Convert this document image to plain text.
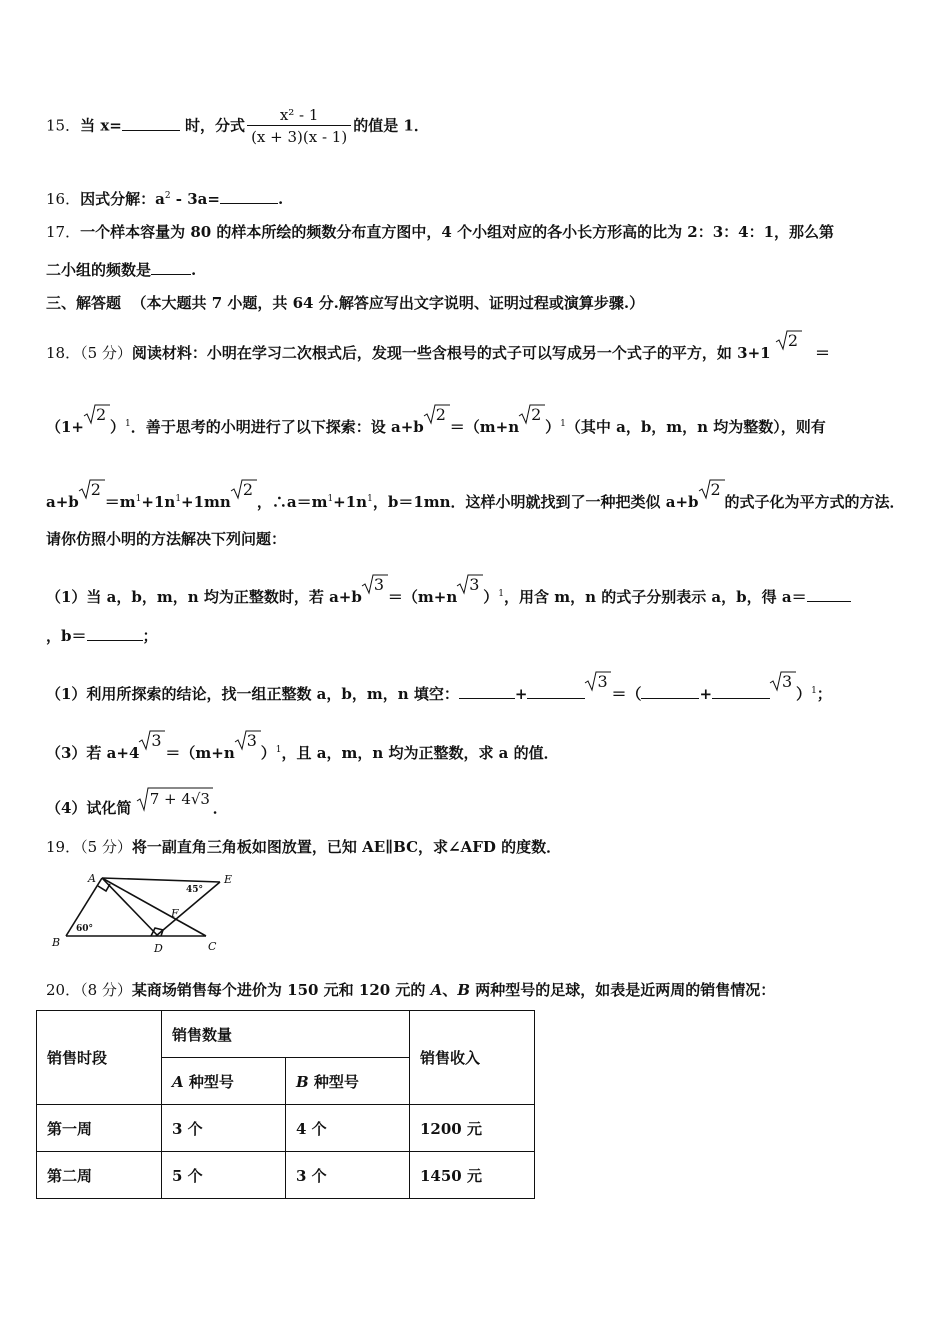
15．当 x=	时，分式 $\frac{\text{x² - 1}}{(x + 3)(x - 1)}$ 的值是 1．
16．因式分解：$a^2 - 3a=$	.
17．一个样本容量为 80 的样本所绘的频数分布直方图中，4 个小组对应的各小长方形高的比为 2：3：4：1，那么第
二小组的频数是	.
三、解答题 （本大题共 7 小题，共 64 分.解答应写出文字说明、证明过程或演算步骤.）
18．（5 分）阅读材料：小明在学习二次根式后，发现一些含根号的式子可以写成另一个式子的平方，如 3+1
2
＝
（1+
2
）$^1$．善于思考的小明进行了以下探索：设 a+b
2
＝（m+n
2
）$^1$（其中 a，b，m，n 均为整数），则有
a+b
2
$=m^1+1n^1+1mn$
2
，$\therefore a=m^1+1n^1$，b＝1mn．这样小明就找到了一种把类似 a+b
2
的式子化为平方式的方法．
请你仿照小明的方法解决下列问题：
（1）当 a，b，m，n 均为正整数时，若 a+b
3
＝（m+n
3
）$^1$，用含 m，n 的式子分别表示 a，b，得 a＝
，b＝	；
（1）利用所探索的结论，找一组正整数 a，b，m，n 填空：	+
3
＝（	+
3
）$^1$；
（3）若 a+4
3
＝（m+n
3
）$^1$，且 a，m，n 均为正整数，求 a 的值．
（4）试化简 7 + 4√3 ．
19．（5 分）将一副直角三角板如图放置，已知 AE∥BC，求∠AFD 的度数．
A	E
B	C
D
F
45°
60°
20．（8 分）某商场销售每个进价为 150 元和 120 元的 A、B 两种型号的足球，如表是近两周的销售情况：
销售时段	销售数量		销售收入
	A 种型号	B 种型号	
第一周	3 个	4 个	1200 元
第二周	5 个	3 个	1450 元
